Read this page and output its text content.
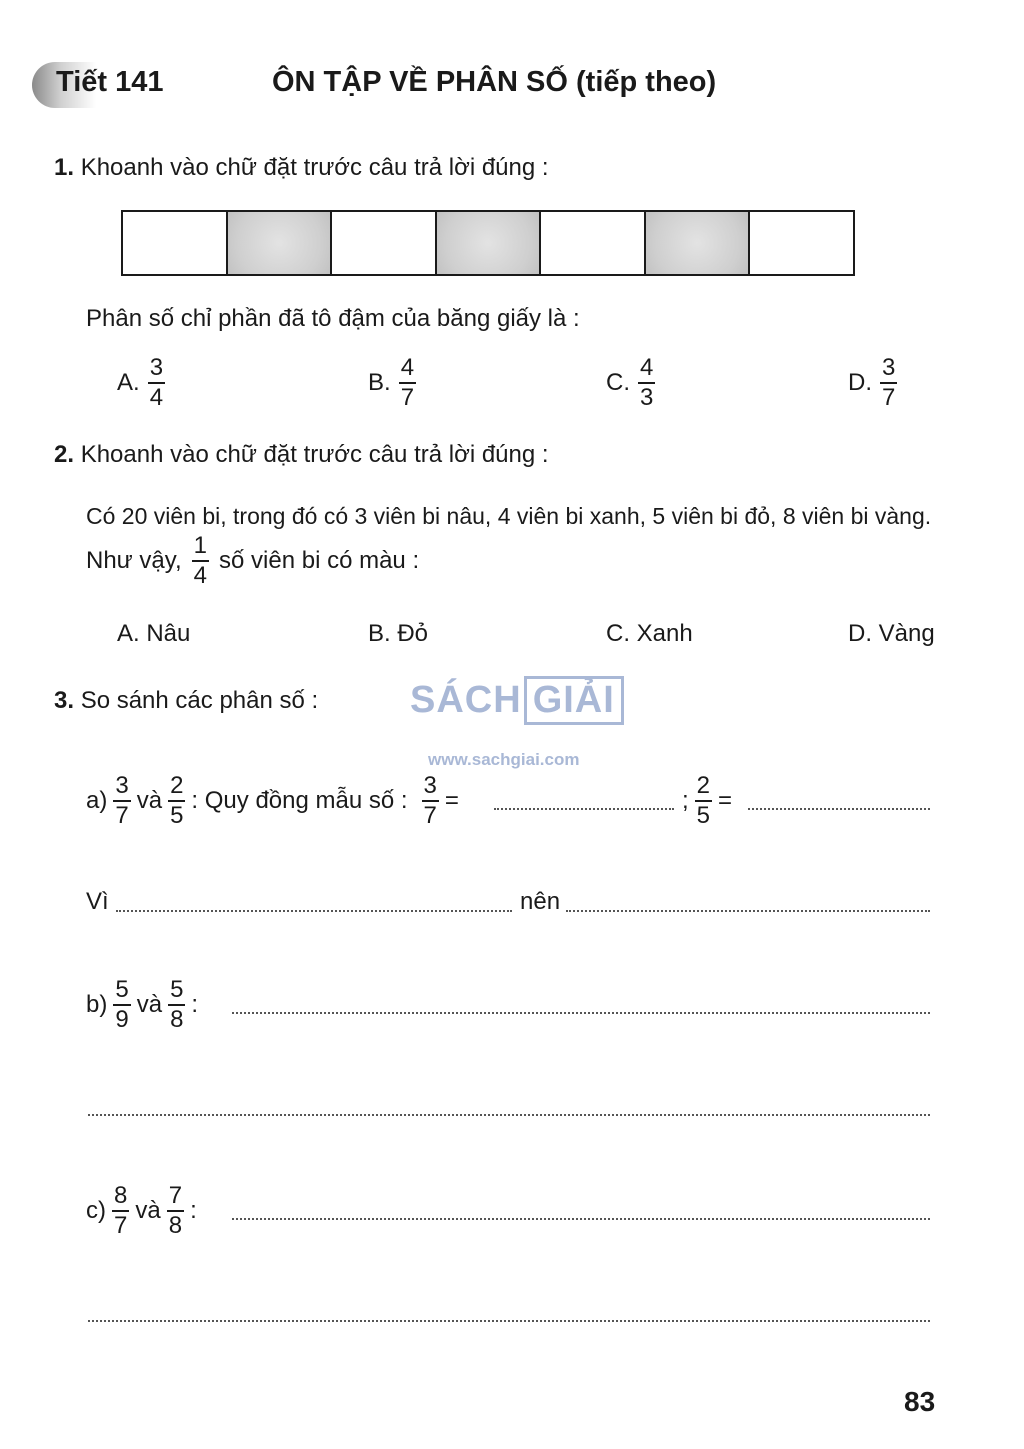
Tiết 141	ÔN TẬP VỀ PHÂN SỐ (tiếp theo)
1. Khoanh vào chữ đặt trước câu trả lời đúng :
Phân số chỉ phần đã tô đậm của băng giấy là :
A. $\frac{3}{4}$	B. $\frac{4}{7}$	C. $\frac{4}{3}$	D. $\frac{3}{7}$
2. Khoanh vào chữ đặt trước câu trả lời đúng :
Có 20 viên bi, trong đó có 3 viên bi nâu, 4 viên bi xanh, 5 viên bi đỏ, 8 viên bi vàng.
Như vậy, $\frac{1}{4}$ số viên bi có màu :
A. Nâu	B. Đỏ	C. Xanh	D. Vàng
3. So sánh các phân số : SÁCH GIẢI
www.sachgiai.com
$a) \frac{3}{7}$ và $\frac{2}{5}$ : Quy đồng mẫu số : $\frac{3}{7}$ =	; $\frac{2}{5}$ =
Vì	nên
$b) \frac{5}{9}$ và $\frac{5}{8}$ :
$c) \frac{8}{7}$ và $\frac{7}{8}$ :
83
